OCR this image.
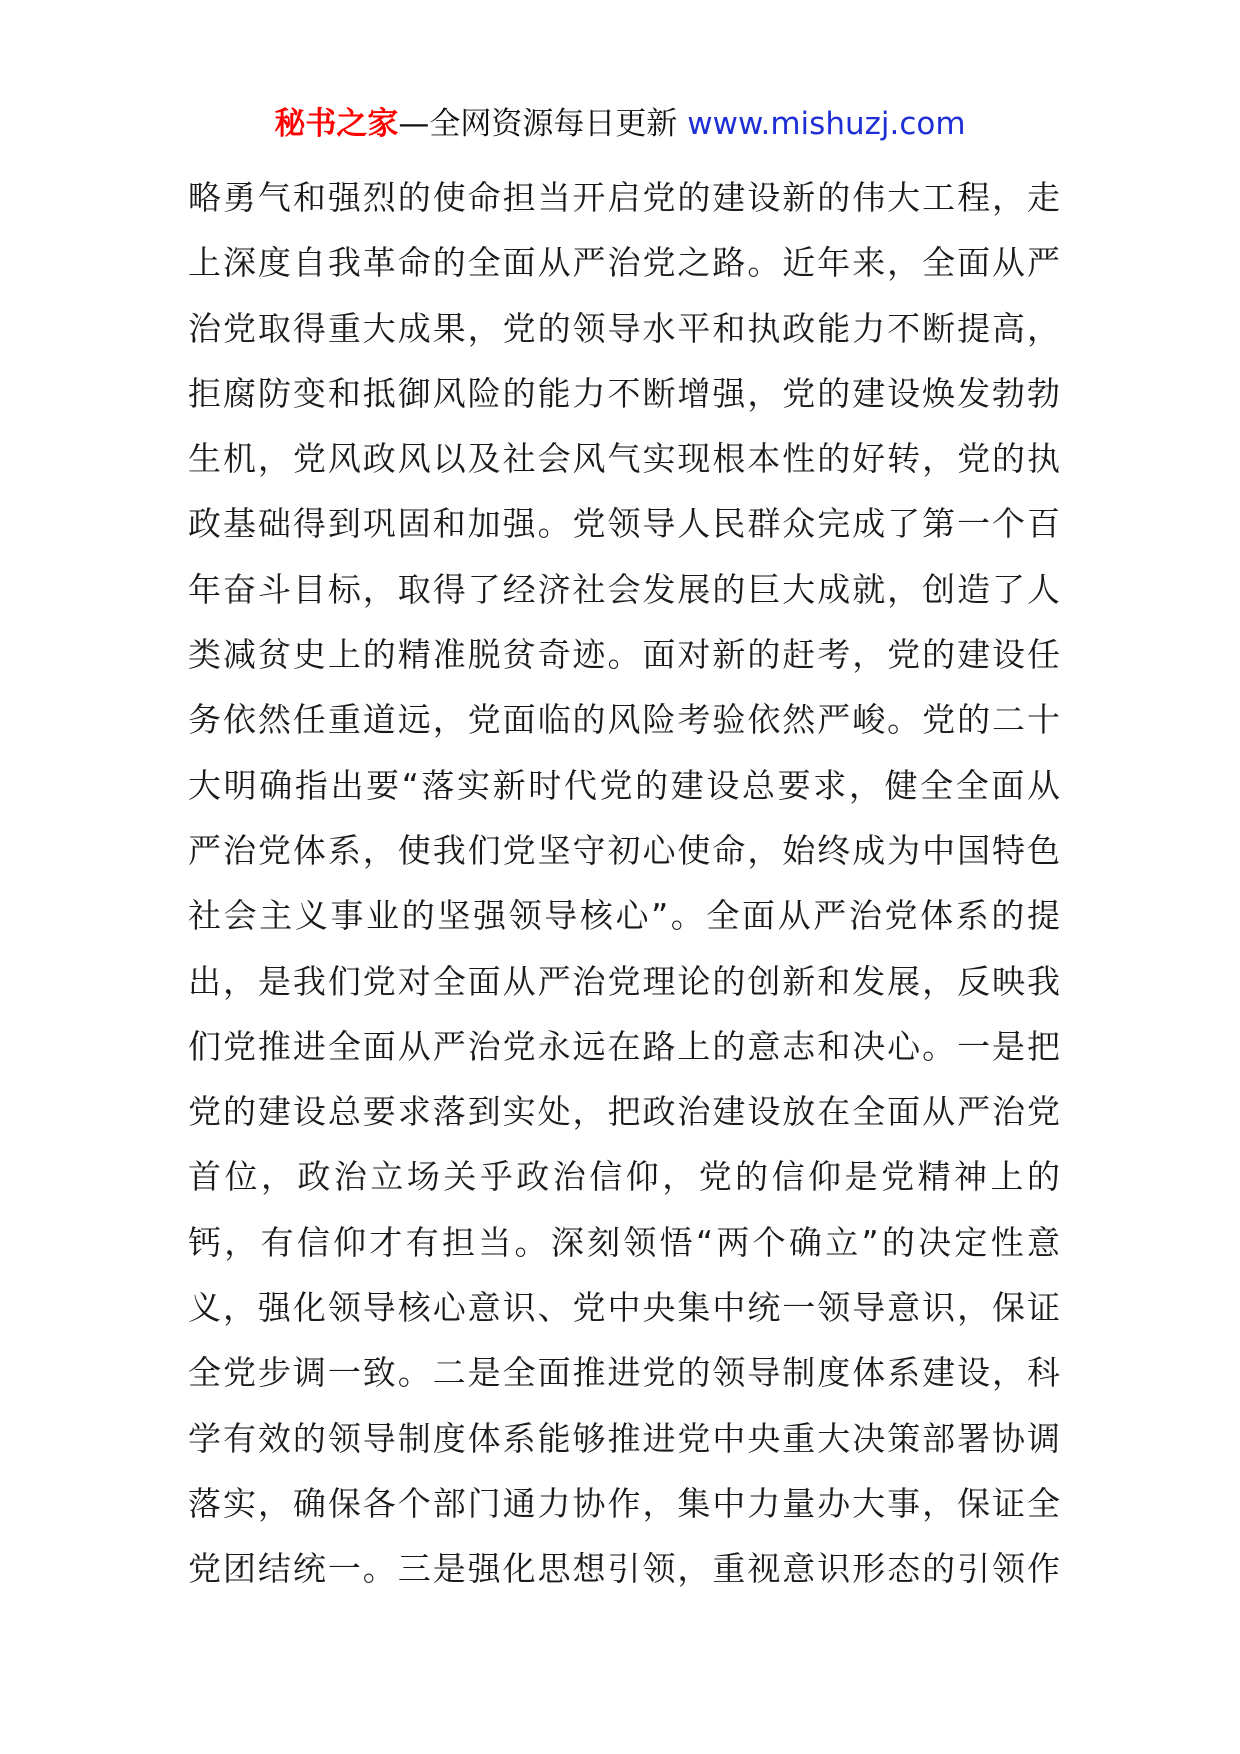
秘书之家—全网资源每日更新 www.mishuzj.com
略勇气和强烈的使命担当开启党的建设新的伟大工程，走
上深度自我革命的全面从严治党之路。近年来，全面从严
治党取得重大成果，党的领导水平和执政能力不断提高，
拒腐防变和抵御风险的能力不断增强，党的建设焕发勃勃
生机，党风政风以及社会风气实现根本性的好转，党的执
政基础得到巩固和加强。党领导人民群众完成了第一个百
年奋斗目标，取得了经济社会发展的巨大成就，创造了人
类减贫史上的精准脱贫奇迹。面对新的赶考，党的建设任
务依然任重道远，党面临的风险考验依然严峻。党的二十
大明确指出要“落实新时代党的建设总要求，健全全面从
严治党体系，使我们党坚守初心使命，始终成为中国特色
社会主义事业的坚强领导核心”。全面从严治党体系的提
出，是我们党对全面从严治党理论的创新和发展，反映我
们党推进全面从严治党永远在路上的意志和决心。一是把
党的建设总要求落到实处，把政治建设放在全面从严治党
首位，政治立场关乎政治信仰，党的信仰是党精神上的
钙，有信仰才有担当。深刻领悟“两个确立”的决定性意
义，强化领导核心意识、党中央集中统一领导意识，保证
全党步调一致。二是全面推进党的领导制度体系建设，科
学有效的领导制度体系能够推进党中央重大决策部署协调
落实，确保各个部门通力协作，集中力量办大事，保证全
党团结统一。三是强化思想引领，重视意识形态的引领作
